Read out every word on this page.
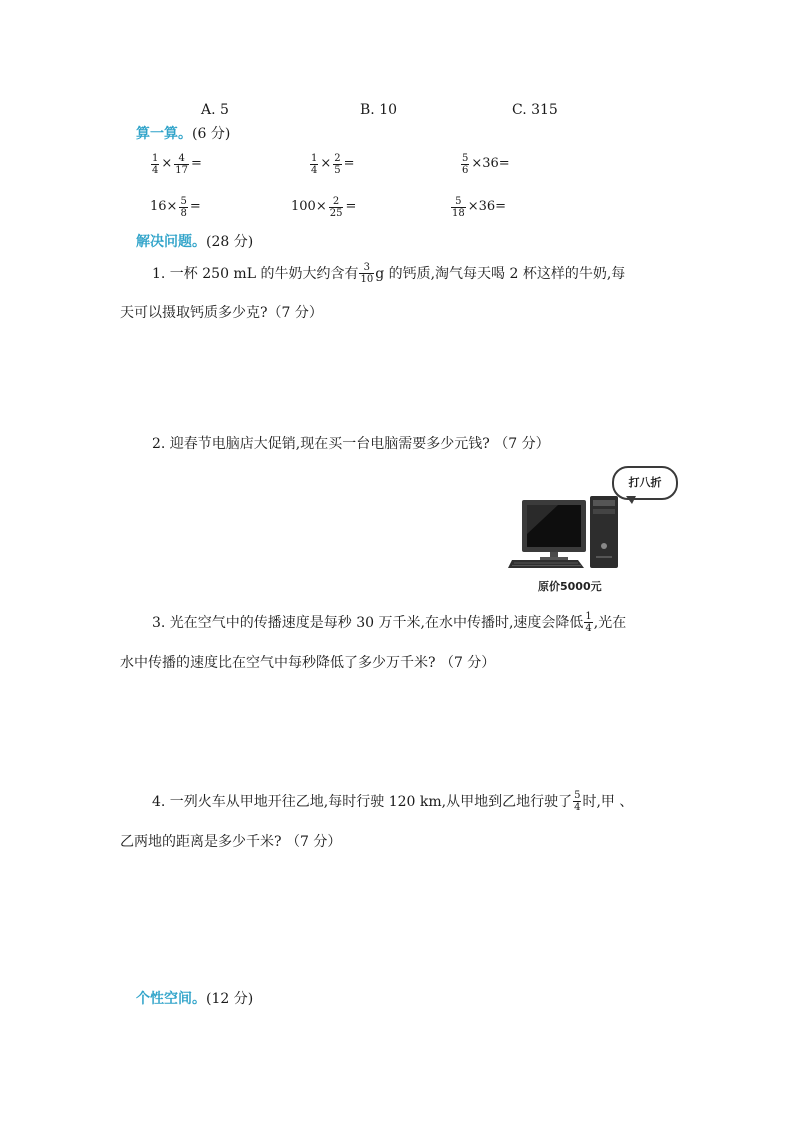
A. 5	B. 10	C. 315
算一算。(6 分)
$\frac{1}{4} \times \frac{4}{17}$ =	$\frac{1}{4} \times \frac{2}{5}$ =	$\frac{5}{6} \times 36=$
$16\times \frac{5}{8}$ =	$100\times \frac{2}{25}$ =	$\frac{5}{18} \times 36=$
解决问题。(28 分)
1. 一杯 250 mL 的牛奶大约含有 $\frac{3}{10}$ g 的钙质,淘气每天喝 2 杯这样的牛奶,每
天可以摄取钙质多少克?（7 分）
2. 迎春节电脑店大促销,现在买一台电脑需要多少元钱? （7 分）
打八折
原价5000元
3. 光在空气中的传播速度是每秒 30 万千米,在水中传播时,速度会降低 $\frac{1}{4}$ ,光在
水中传播的速度比在空气中每秒降低了多少万千米? （7 分）
4. 一列火车从甲地开往乙地,每时行驶 120 km,从甲地到乙地行驶了 $\frac{5}{4}$ 时,甲 、
乙两地的距离是多少千米? （7 分）
个性空间。(12 分)
